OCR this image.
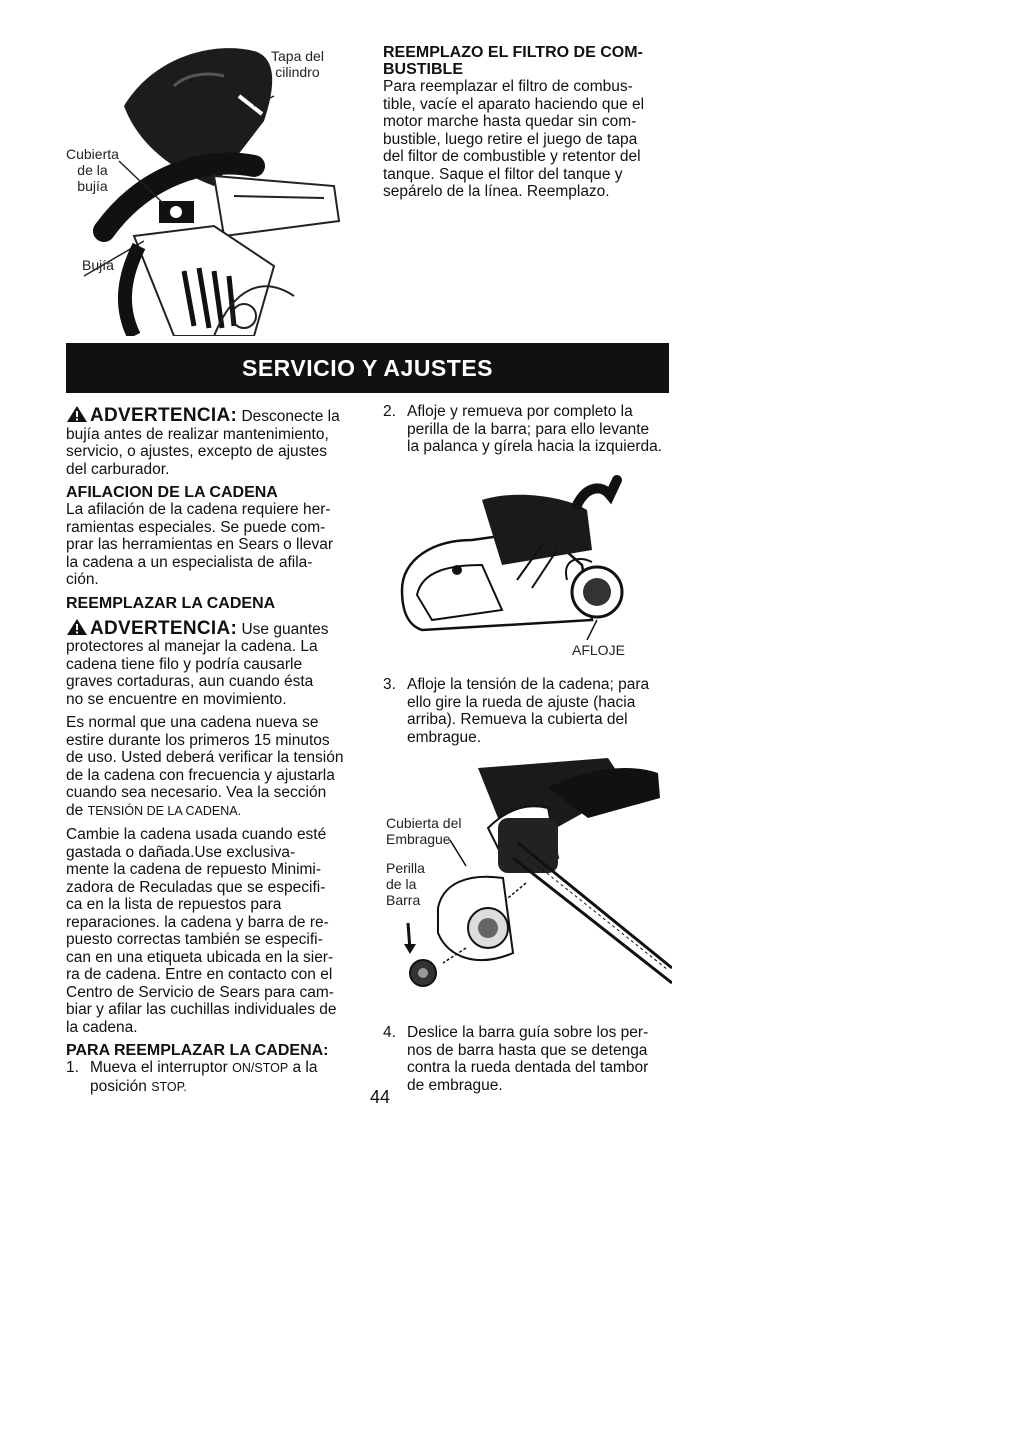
Tapa del
cilindro
Cubierta
de la
bujía
Bujía
REEMPLAZO EL FILTRO DE COM-
BUSTIBLE
Para reemplazar el filtro de combus-
tible, vacíe el aparato haciendo que el
motor marche hasta quedar sin com-
bustible, luego retire el juego de tapa
del filtor de combustible y retentor del
tanque. Saque el filtor del tanque y
sepárelo de la línea. Reemplazo.
SERVICIO Y AJUSTES

ADVERTENCIA: Desconecte la
bujía antes de realizar mantenimiento,
servicio, o ajustes, excepto de ajustes
del carburador.

AFILACION DE LA CADENA

La afilación de la cadena requiere her-
ramientas especiales. Se puede com-
prar las herramientas en Sears o llevar
la cadena a un especialista de afila-
ción.

REEMPLAZAR LA CADENA

ADVERTENCIA: Use guantes
protectores al manejar la cadena. La
cadena tiene filo y podría causarle
graves cortaduras, aun cuando ésta
no se encuentre en movimiento.

Es normal que una cadena nueva se
estire durante los primeros 15 minutos
de uso. Usted deberá verificar la tensión
de la cadena con frecuencia y ajustarla
cuando sea necesario. Vea la sección
de TENSIÓN DE LA CADENA.

Cambie la cadena usada cuando esté
gastada o dañada.Use exclusiva-
mente la cadena de repuesto Minimi-
zadora de Reculadas que se especifi-
ca en la lista de repuestos para
reparaciones. la cadena y barra de re-
puesto correctas también se especifi-
can en una etiqueta ubicada en la sier-
ra de cadena. Entre en contacto con el
Centro de Servicio de Sears para cam-
biar y afilar las cuchillas individuales de
la cadena.

PARA REEMPLAZAR LA CADENA:
1. Mueva el interruptor ON/STOP a la
posición STOP.
2. Afloje y remueva por completo la
perilla de la barra; para ello levante
la palanca y gírela hacia la izquierda.
AFLOJE
3. Afloje la tensión de la cadena; para
ello gire la rueda de ajuste (hacia
arriba). Remueva la cubierta del
embrague.
Cubierta del
Embrague
Perilla
de la
Barra
4. Deslice la barra guía sobre los per-
nos de barra hasta que se detenga
contra la rueda dentada del tambor
de embrague.
44
